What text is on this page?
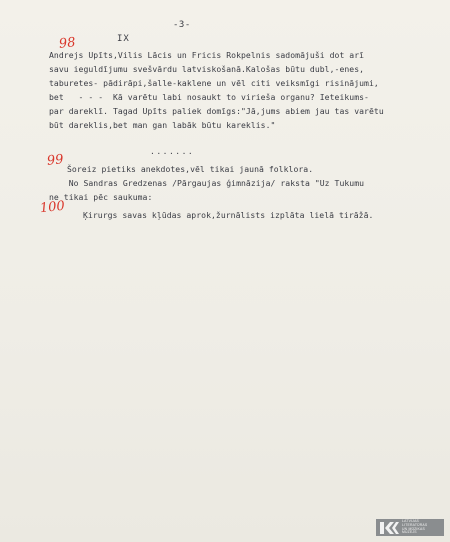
-3-
IX
98
99
100
Andrejs Upīts,Vilis Lācis un Fricis Rokpelnis sadomājuši dot arī
savu ieguldījumu svešvārdu latviskošanā.Kalošas būtu dubl,-enes,
taburetes- pādirāpi,šalle-kaklene un vēl citi veiksmīgi risinājumi,
bet   - - -  Kā varētu labi nosaukt to virieša organu? Ieteikums-
par dareklī. Tagad Upīts paliek domīgs:"Jā,jums abiem jau tas varētu
būt dareklis,bet man gan labāk būtu kareklis."
.......
Šoreiz pietiks anekdotes,vēl tikai jaunā folklora.
No Sandras Gredzenas /Pārgaujas ģimnāzija/ raksta "Uz Tukumu
ne tikai pēc saukuma:
Ķirurgs savas kļūdas aprok,žurnālists izplāta lielā tirāžā.
LATVIJAS
LITERATŪRAS
UN MŪZIKAS
MUZEJS
